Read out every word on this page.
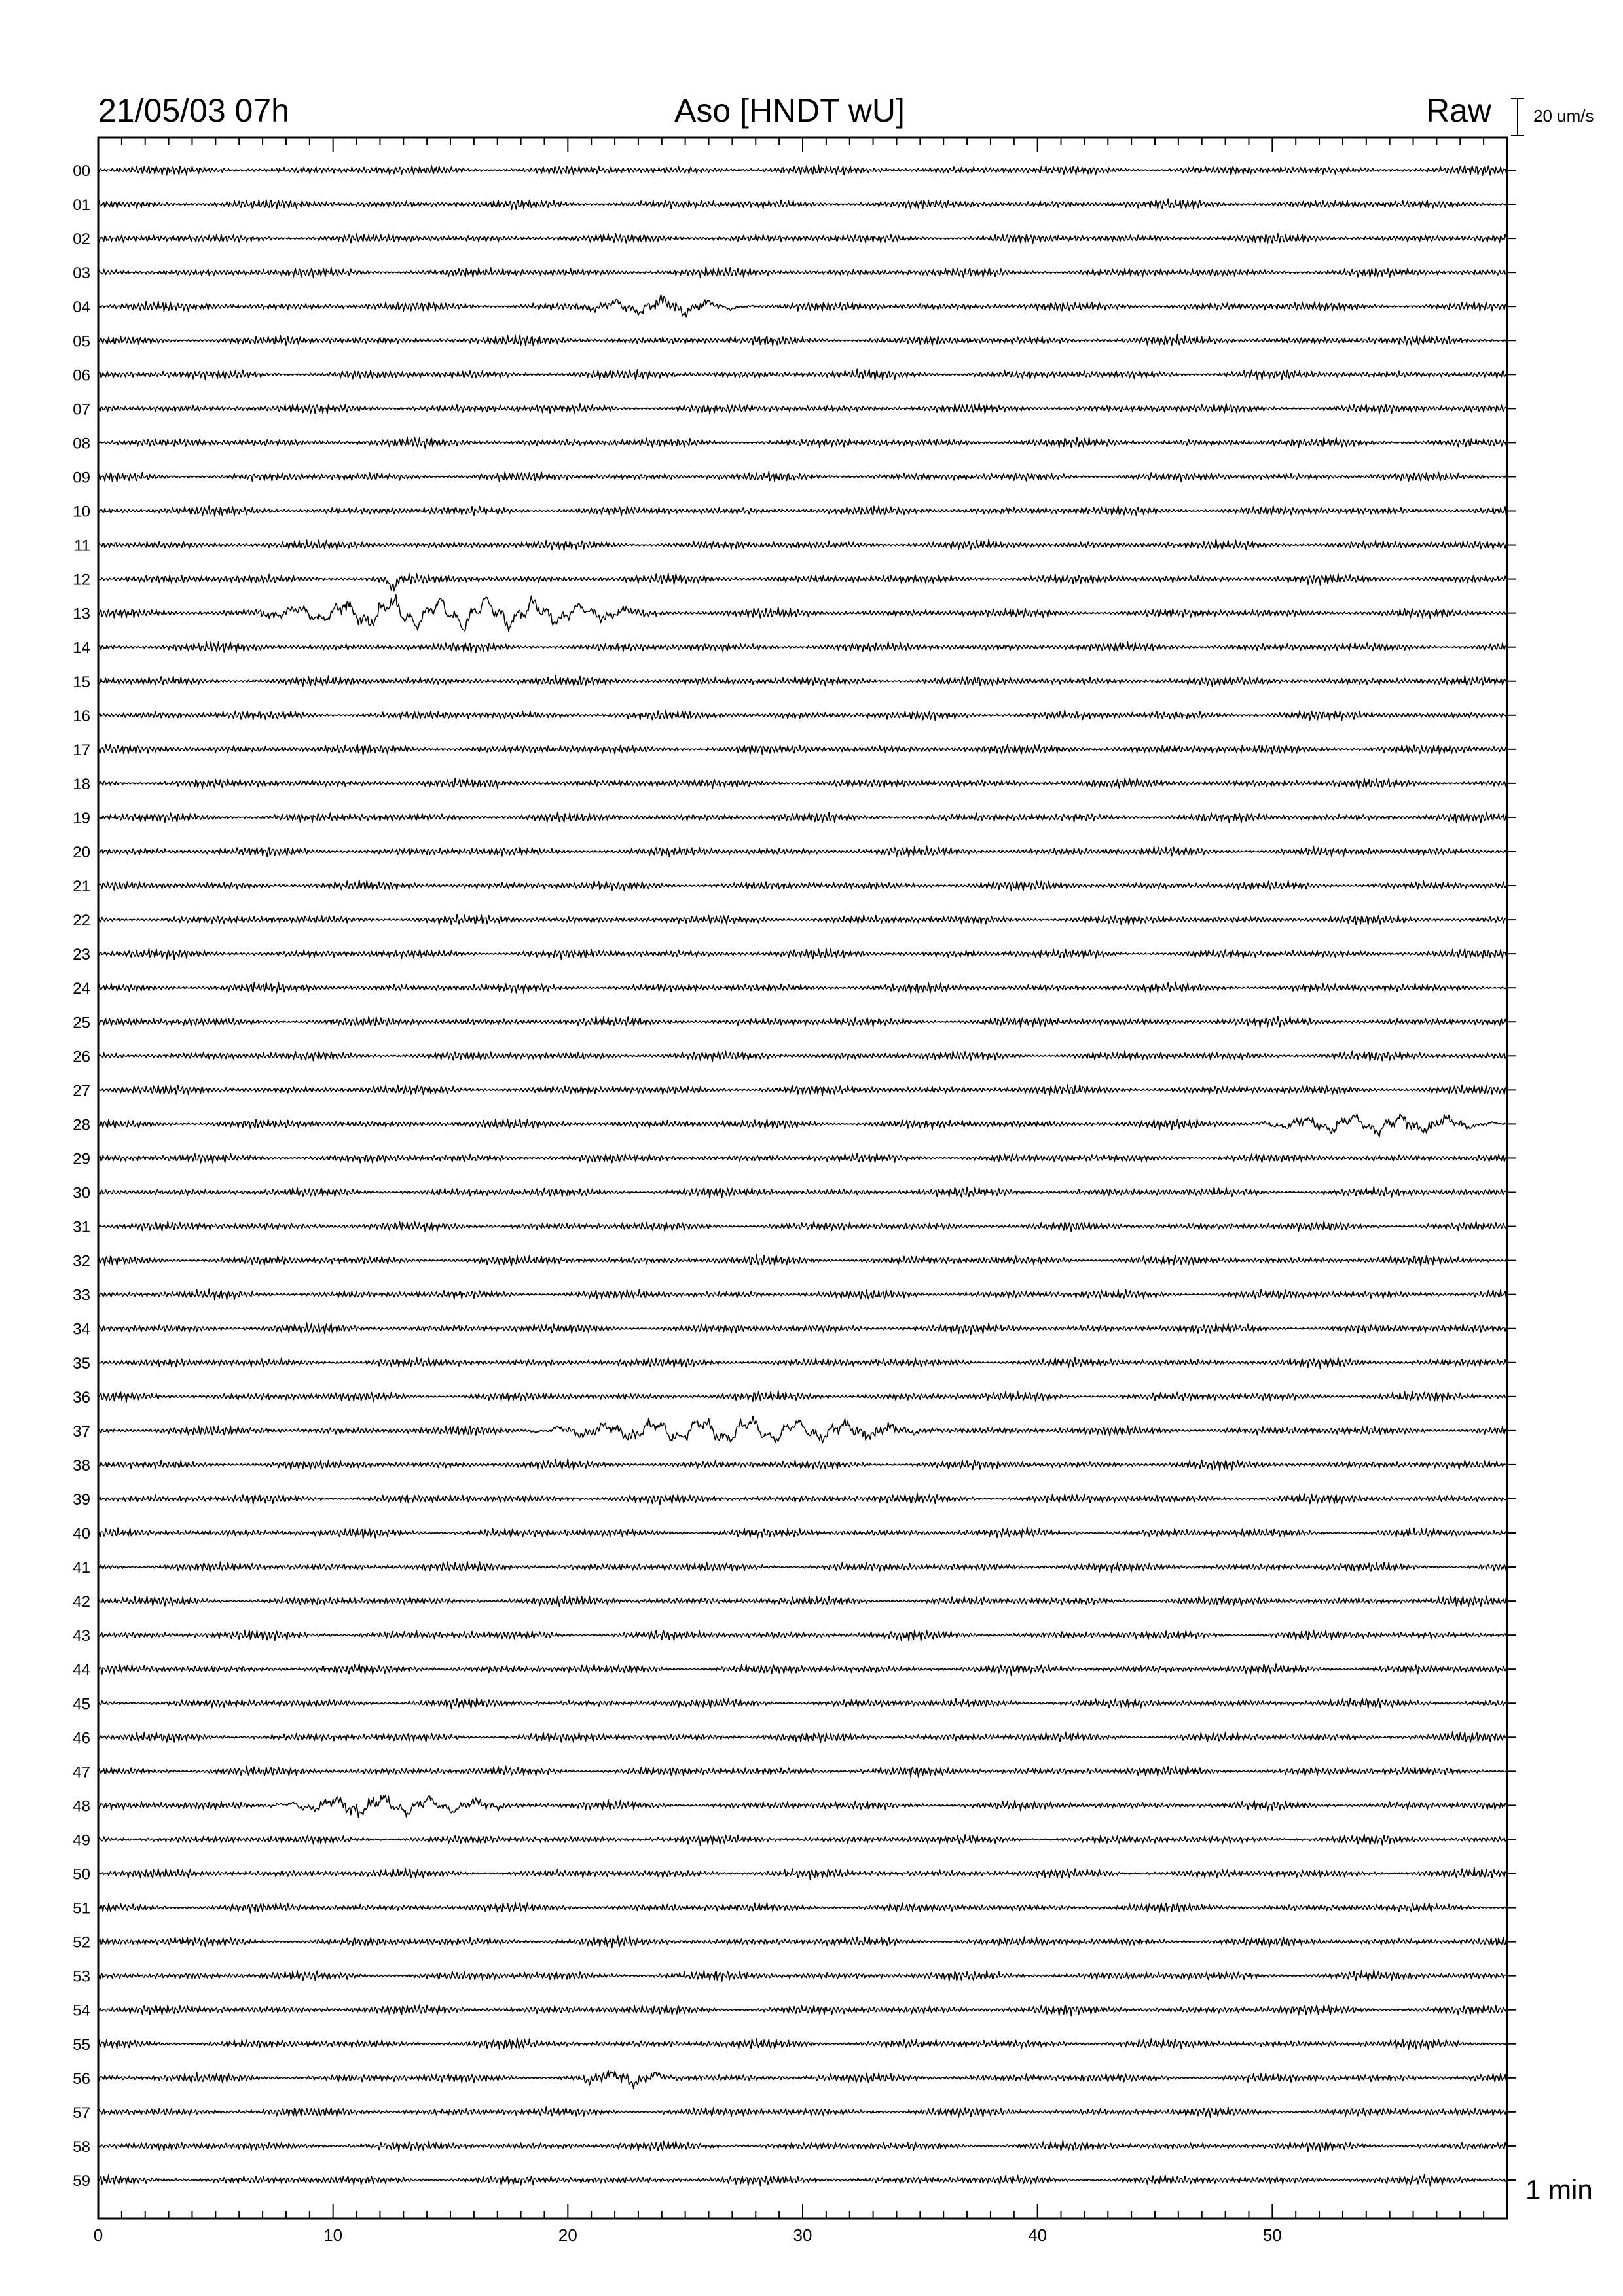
21/05/03 07h	Aso [HNDT wU]	Raw 20 um/s
1 min
0	10	20	30	40	50
00
01
02
03
04
05
06
07
08
09
10
11
12
13
14
15
16
17
18
19
20
21
22
23
24
25
26
27
28
29
30
31
32
33
34
35
36
37
38
39
40
41
42
43
44
45
46
47
48
49
50
51
52
53
54
55
56
57
58
59
